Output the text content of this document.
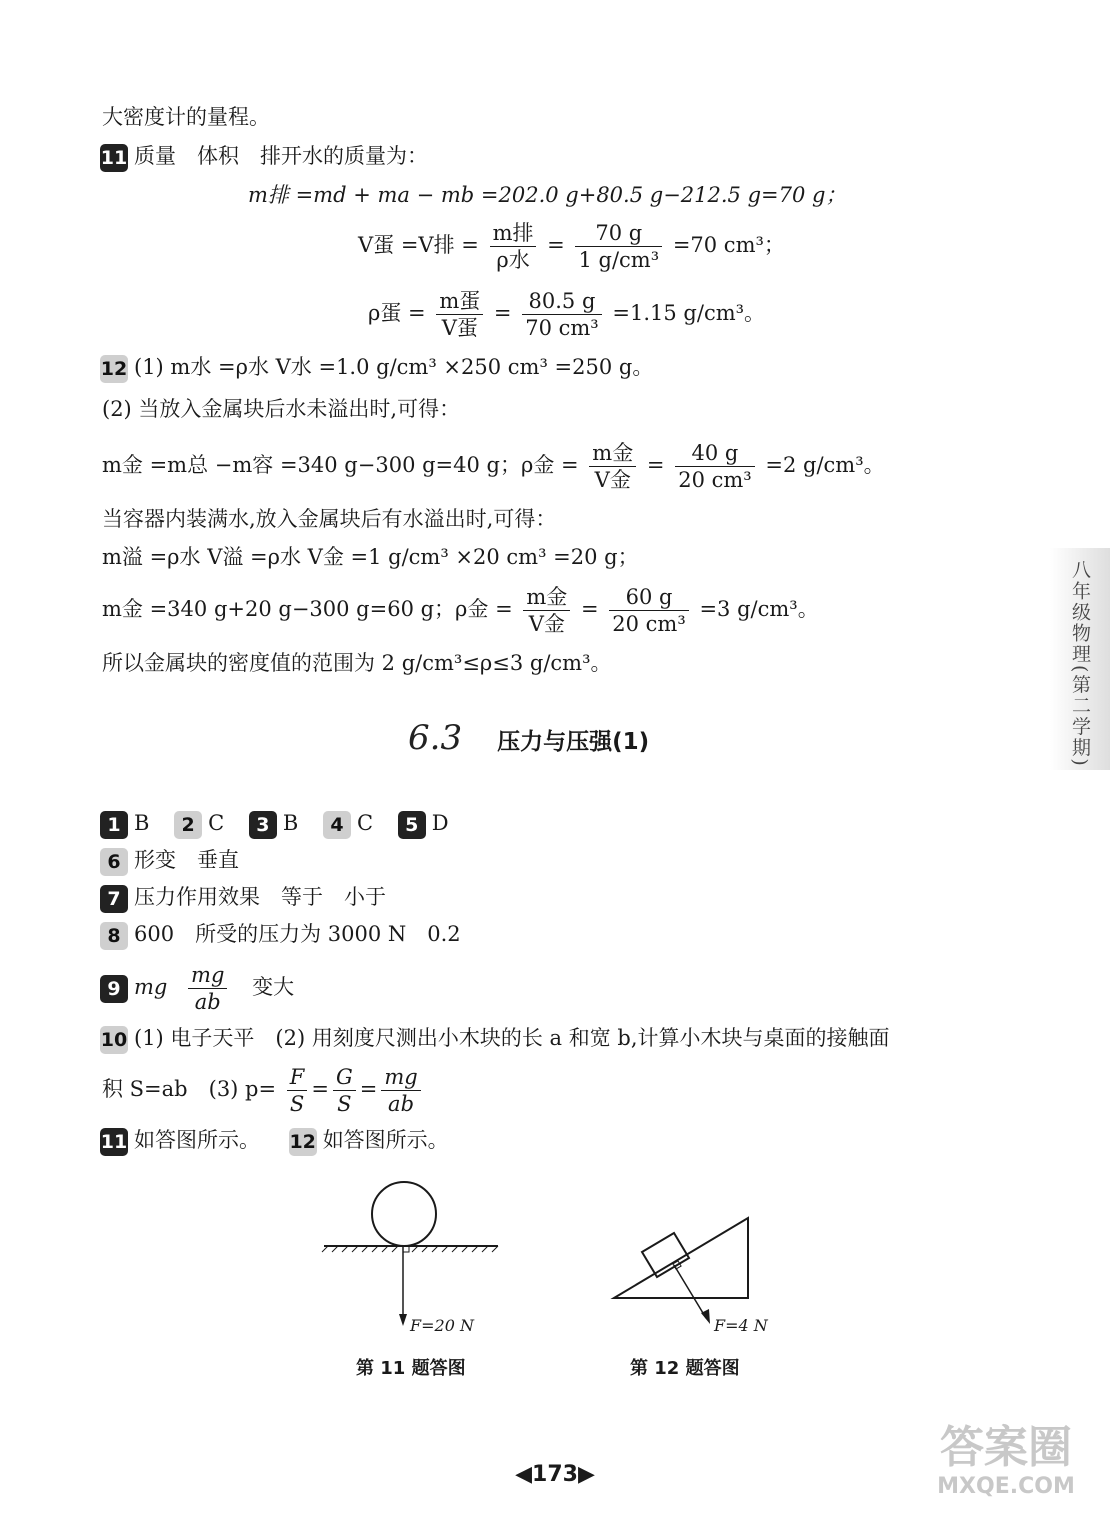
大密度计的量程。
11 质量　体积　排开水的质量为：
m排 =md + ma − mb =202.0 g+80.5 g−212.5 g=70 g；
V蛋 =V排 = $\frac{\text{m排}}{\text{ρ水}} = \frac{70 g}{\text{1 g/cm³}} =70$ cm³；
ρ蛋 = $\frac{\text{m蛋}}{\text{V蛋}} = \frac{80.5 g}{\text{70 cm³}} =1.15$ g/cm³。
12 (1) m水 =ρ水 V水 =1.0 g/cm³ ×250 cm³ =250 g。
(2) 当放入金属块后水未溢出时,可得：
m金 =m总 −m容 =340 g−300 g=40 g；ρ金 = $\frac{\text{m金}}{\text{V金}} = \frac{40 g}{\text{20 cm³}} =2$ g/cm³。
当容器内装满水,放入金属块后有水溢出时,可得：
m溢 =ρ水 V溢 =ρ水 V金 =1 g/cm³ ×20 cm³ =20 g；
m金 =340 g+20 g−300 g=60 g；ρ金 = $\frac{\text{m金}}{\text{V金}} = \frac{60 g}{\text{20 cm³}} =3$ g/cm³。
所以金属块的密度值的范围为 2 g/cm³≤ρ≤3 g/cm³。
6.3 压力与压强(1)
1 B 2 C 3 B 4 C 5 D
6 形变　垂直
7 压力作用效果　等于　小于
8 600　所受的压力为 3000 N　0.2
9 mg $\frac{mg}{ab}$ 变大
10 (1) 电子天平　(2) 用刻度尺测出小木块的长 a 和宽 b,计算小木块与桌面的接触面
积 S=ab　(3) $p= \frac{F}{S} = \frac{G}{S} = \frac{mg}{ab}$
11 如答图所示。 12 如答图所示。
F=20 N
第 11 题答图
F=4 N
第 12 题答图
八年级物理(第二学期)
◀173▶
答案圈
MXQE.COM
